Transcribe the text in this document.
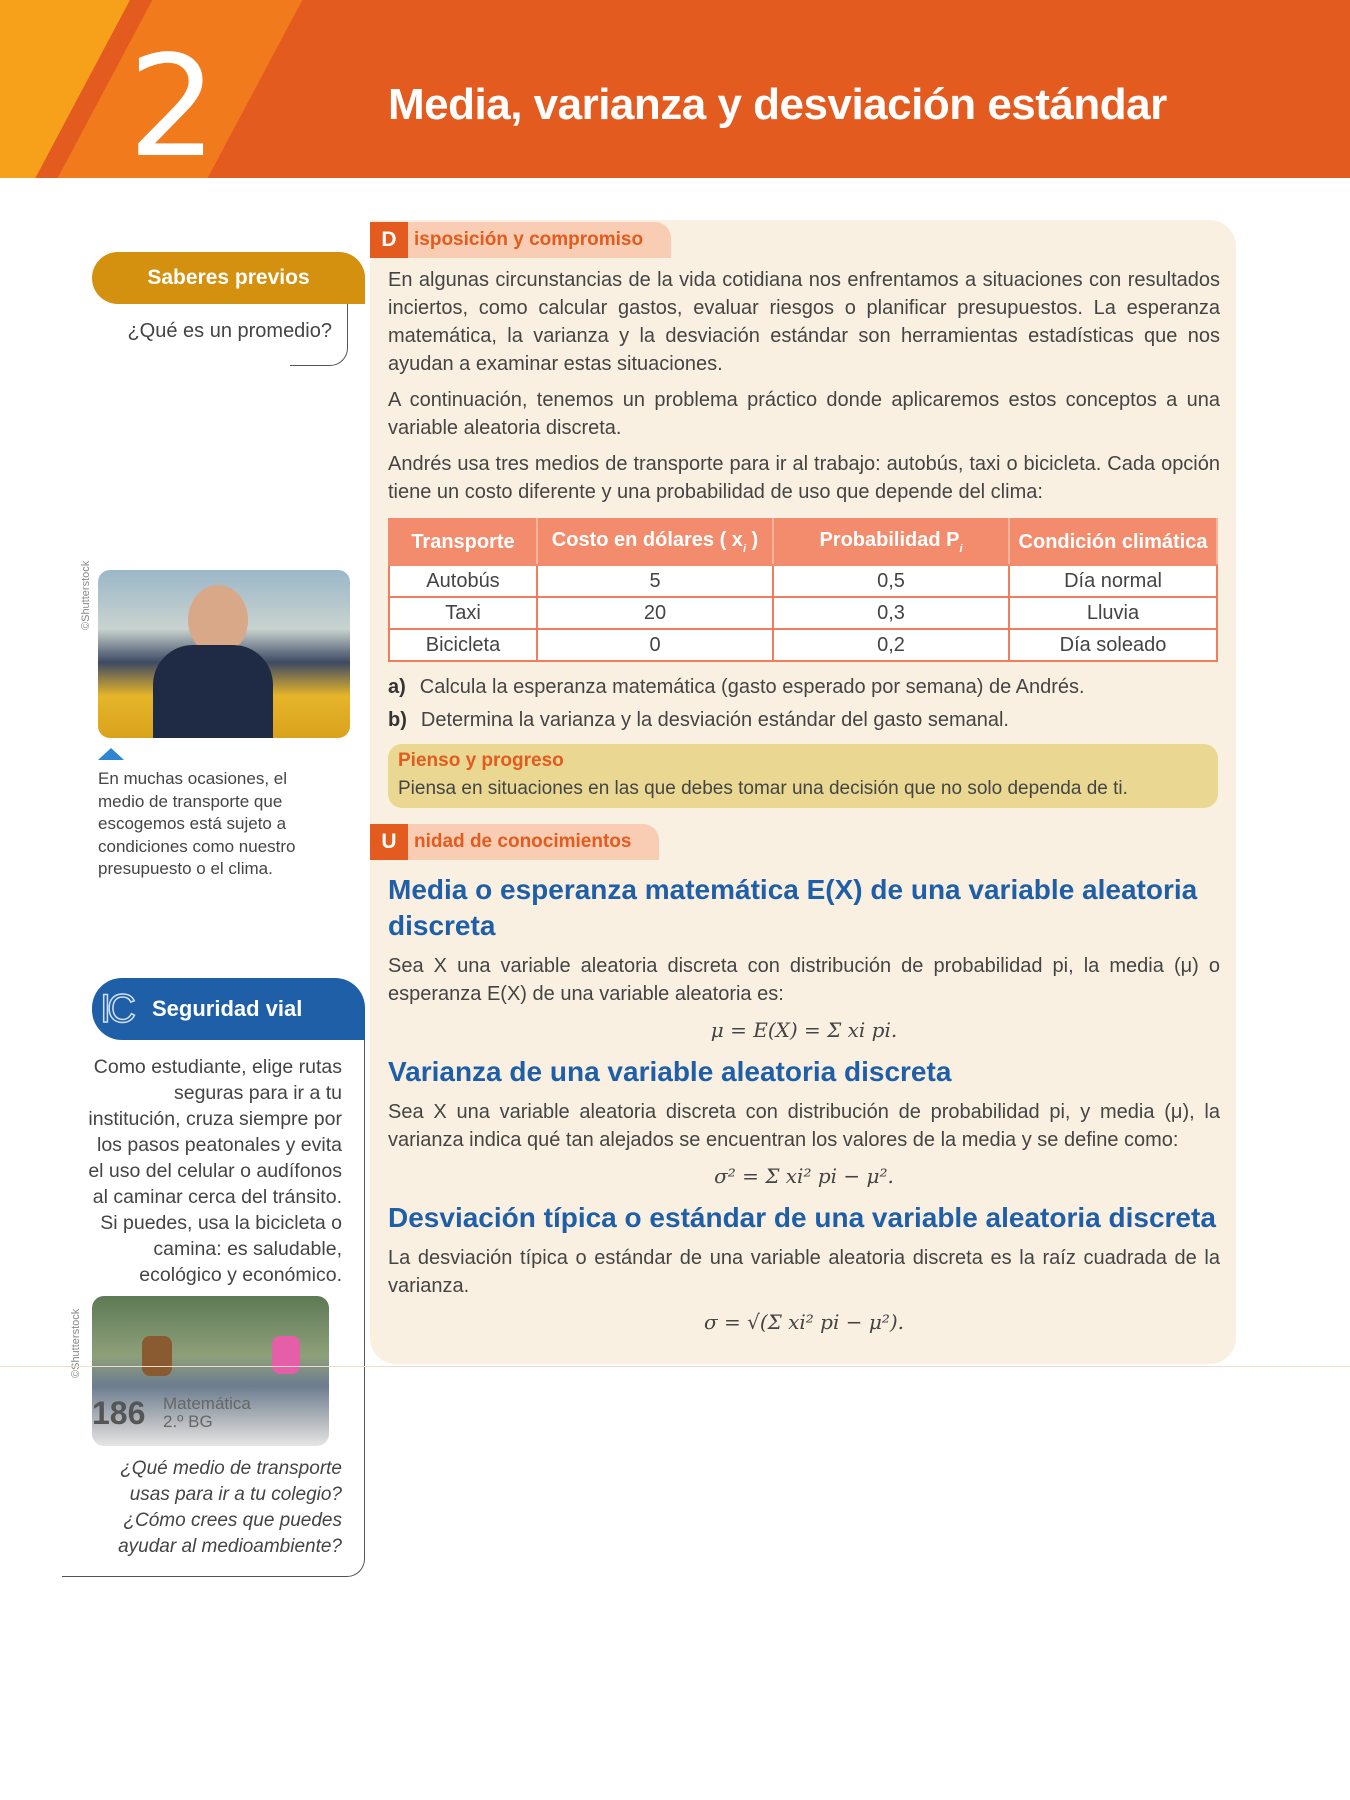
2	Media, varianza y desviación estándar
Saberes previos
¿Qué es un promedio?
©Shutterstock
En muchas ocasiones, el medio de transporte que escogemos está sujeto a condiciones como nuestro presupuesto o el clima.
IC Seguridad vial
Como estudiante, elige rutas seguras para ir a tu institución, cruza siempre por los pasos peatonales y evita el uso del celular o audífonos al caminar cerca del tránsito. Si puedes, usa la bicicleta o camina: es saludable, ecológico y económico.
¿Qué medio de transporte usas para ir a tu colegio? ¿Cómo crees que puedes ayudar al medioambiente?
©Shutterstock
D isposición y compromiso

En algunas circunstancias de la vida cotidiana nos enfrentamos a situaciones con resultados inciertos, como calcular gastos, evaluar riesgos o planificar presupuestos. La esperanza matemática, la varianza y la desviación estándar son herramientas estadísticas que nos ayudan a examinar estas situaciones.

A continuación, tenemos un problema práctico donde aplicaremos estos conceptos a una variable aleatoria discreta.

Andrés usa tres medios de transporte para ir al trabajo: autobús, taxi o bicicleta. Cada opción tiene un costo diferente y una probabilidad de uso que depende del clima:

Transporte	Costo en dólares ( $x_i$ )	Probabilidad $P_i$	Condición climática
Autobús	5	0,5	Día normal
Taxi	20	0,3	Lluvia
Bicicleta	0	0,2	Día soleado
a) Calcula la esperanza matemática (gasto esperado por semana) de Andrés.
b) Determina la varianza y la desviación estándar del gasto semanal.
Pienso y progreso
Piensa en situaciones en las que debes tomar una decisión que no solo dependa de ti.
U nidad de conocimientos
Media o esperanza matemática E(X) de una variable aleatoria discreta

Sea X una variable aleatoria discreta con distribución de probabilidad pi, la media (μ) o esperanza E(X) de una variable aleatoria es:

μ = E(X) = Σ xi pi.
Varianza de una variable aleatoria discreta

Sea X una variable aleatoria discreta con distribución de probabilidad pi, y media (μ), la varianza indica qué tan alejados se encuentran los valores de la media y se define como:

σ² = Σ xi² pi − μ².
Desviación típica o estándar de una variable aleatoria discreta

La desviación típica o estándar de una variable aleatoria discreta es la raíz cuadrada de la varianza.

σ = √(Σ xi² pi − μ²).
186 Matemática
2.º BG
